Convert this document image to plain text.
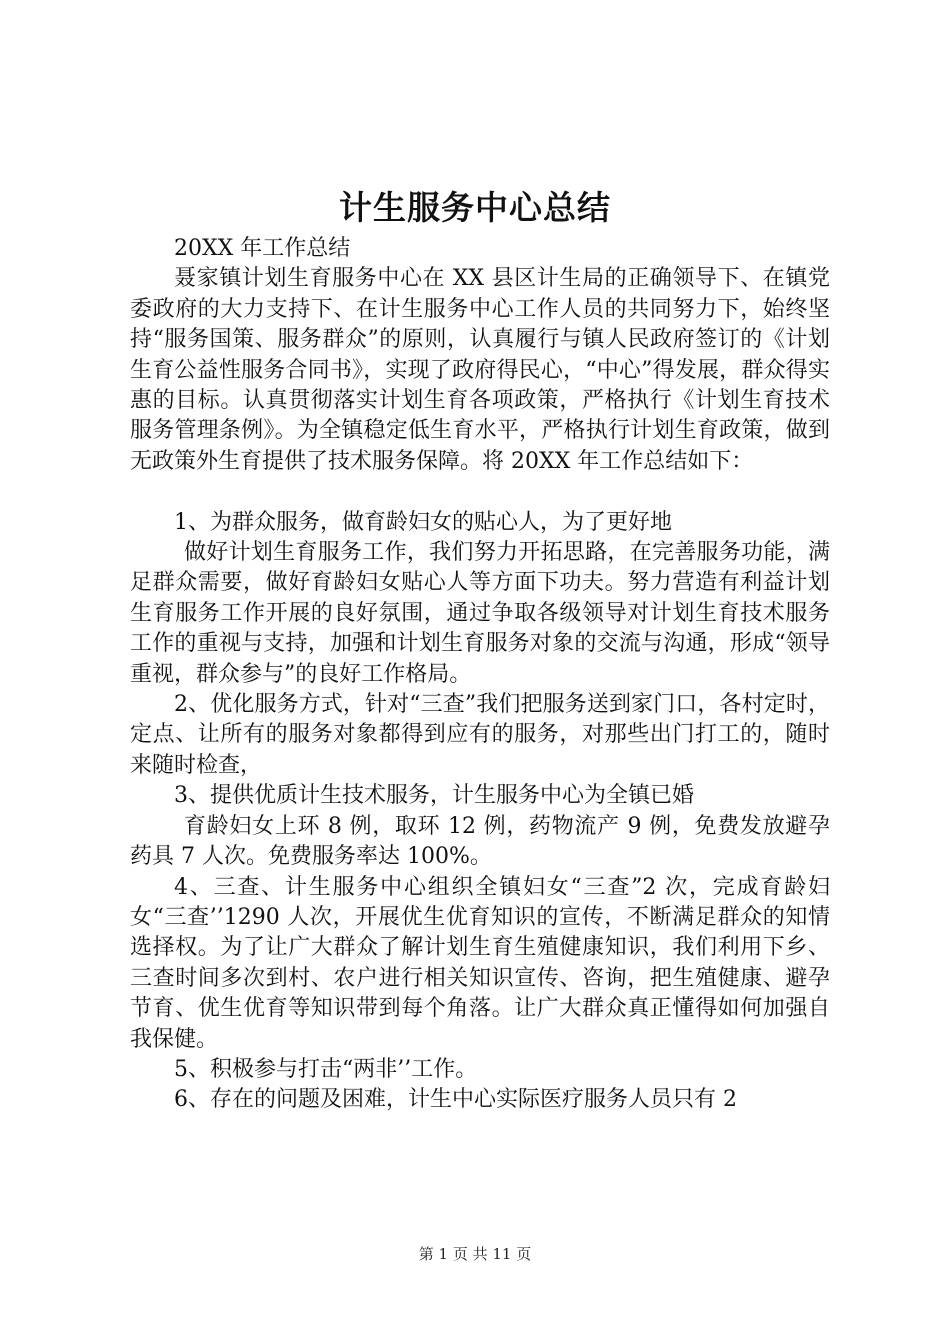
计生服务中心总结

20XX 年工作总结

聂家镇计划生育服务中心在 XX 县区计生局的正确领导下、在镇党委政府的大力支持下、在计生服务中心工作人员的共同努力下，始终坚持“服务国策、服务群众”的原则，认真履行与镇人民政府签订的《计划生育公益性服务合同书》，实现了政府得民心，“中心”得发展，群众得实惠的目标。认真贯彻落实计划生育各项政策，严格执行《计划生育技术服务管理条例》。为全镇稳定低生育水平，严格执行计划生育政策，做到无政策外生育提供了技术服务保障。将 20XX 年工作总结如下：

1、为群众服务，做育龄妇女的贴心人，为了更好地

做好计划生育服务工作，我们努力开拓思路，在完善服务功能，满足群众需要，做好育龄妇女贴心人等方面下功夫。努力营造有利益计划生育服务工作开展的良好氛围，通过争取各级领导对计划生育技术服务工作的重视与支持，加强和计划生育服务对象的交流与沟通，形成“领导重视，群众参与”的良好工作格局。

2、优化服务方式，针对“三查”我们把服务送到家门口，各村定时，定点、让所有的服务对象都得到应有的服务，对那些出门打工的，随时来随时检查，

3、提供优质计生技术服务，计生服务中心为全镇已婚

育龄妇女上环 8 例，取环 12 例，药物流产 9 例，免费发放避孕药具 7 人次。免费服务率达 100%。

4、三查、计生服务中心组织全镇妇女“三查”2 次，完成育龄妇女“三查’’1290 人次，开展优生优育知识的宣传，不断满足群众的知情选择权。为了让广大群众了解计划生育生殖健康知识，我们利用下乡、三查时间多次到村、农户进行相关知识宣传、咨询，把生殖健康、避孕节育、优生优育等知识带到每个角落。让广大群众真正懂得如何加强自我保健。

5、积极参与打击“两非’’工作。

6、存在的问题及困难，计生中心实际医疗服务人员只有 2

第 1 页 共 11 页
